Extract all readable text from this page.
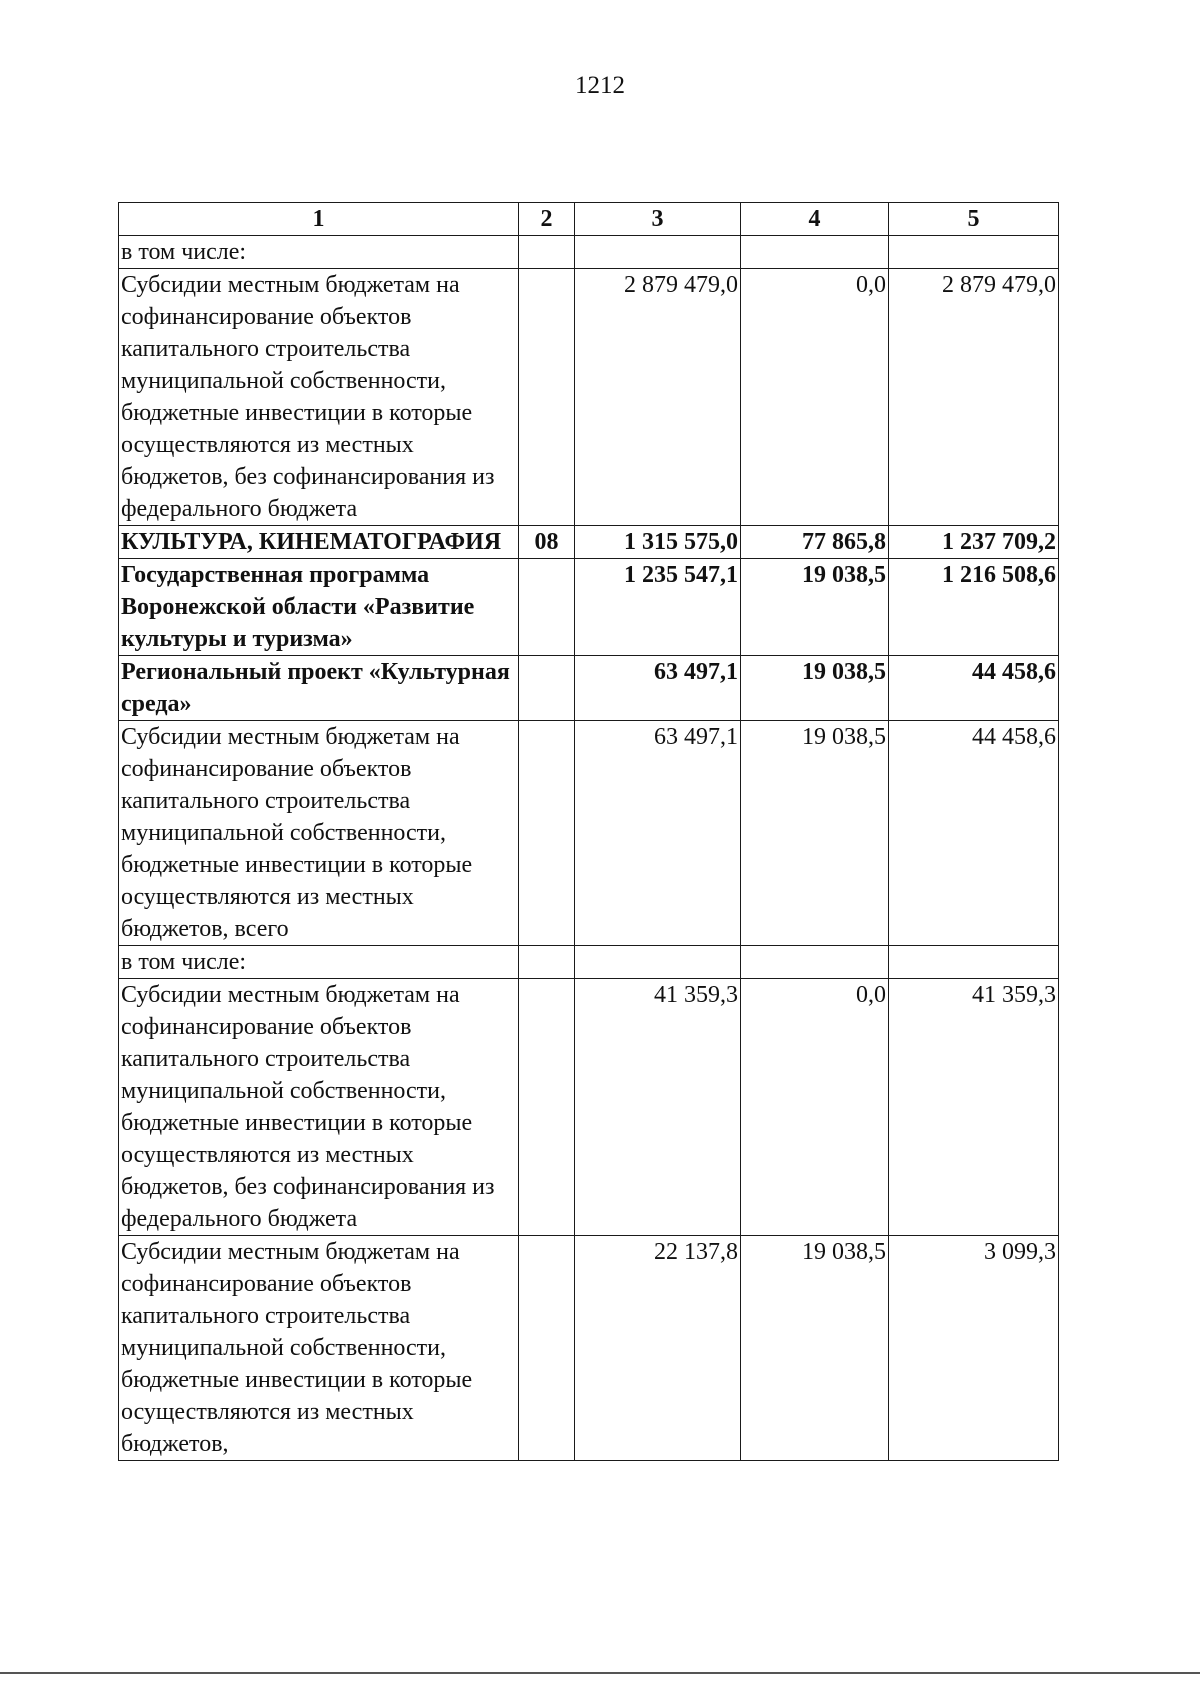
1212
1	2	3	4	5
в том числе:				
Субсидии местным бюджетам на софинансирование объектов капитального строительства муниципальной собственности, бюджетные инвестиции в которые осуществляются из местных бюджетов, без софинансирования из федерального бюджета		2 879 479,0	0,0	2 879 479,0
КУЛЬТУРА, КИНЕМАТОГРАФИЯ	08	1 315 575,0	77 865,8	1 237 709,2
Государственная программа Воронежской области «Развитие культуры и туризма»		1 235 547,1	19 038,5	1 216 508,6
Региональный проект «Культурная среда»		63 497,1	19 038,5	44 458,6
Субсидии местным бюджетам на софинансирование объектов капитального строительства муниципальной собственности, бюджетные инвестиции в которые осуществляются из местных бюджетов, всего		63 497,1	19 038,5	44 458,6
в том числе:				
Субсидии местным бюджетам на софинансирование объектов капитального строительства муниципальной собственности, бюджетные инвестиции в которые осуществляются из местных бюджетов, без софинансирования из федерального бюджета		41 359,3	0,0	41 359,3
Субсидии местным бюджетам на софинансирование объектов капитального строительства муниципальной собственности, бюджетные инвестиции в которые осуществляются из местных бюджетов,		22 137,8	19 038,5	3 099,3
